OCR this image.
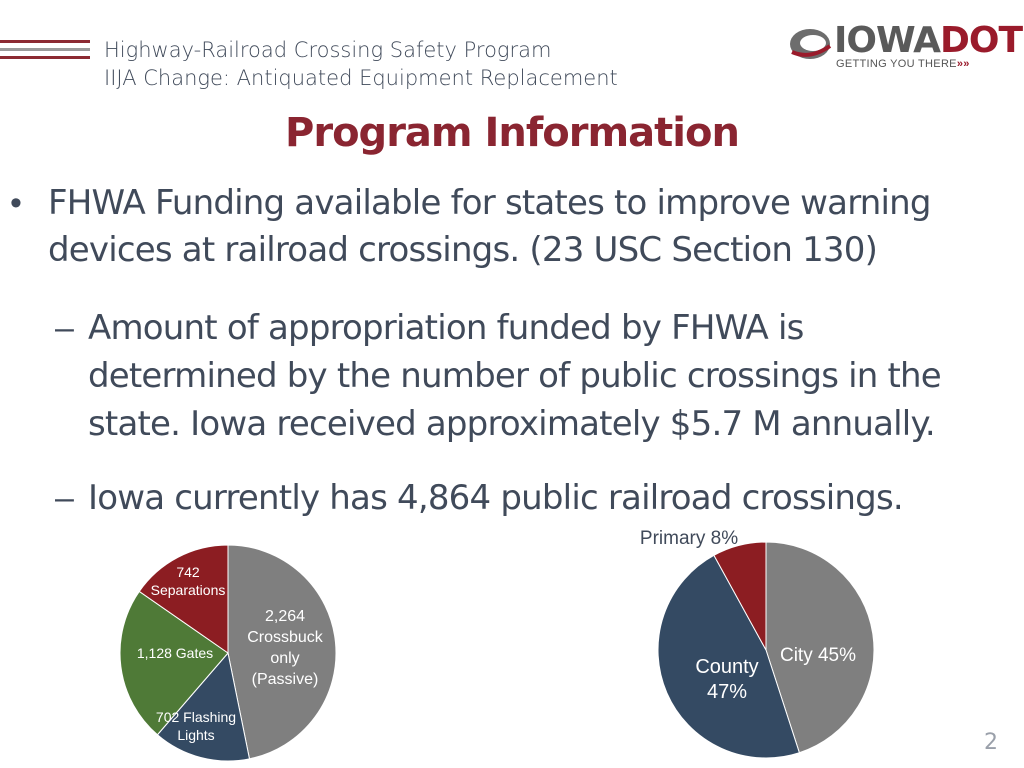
Highway-Railroad Crossing Safety Program
IIJA Change: Antiquated Equipment Replacement
IOWADOT
GETTING YOU THERE»»
Program Information
• FHWA Funding available for states to improve warning devices at railroad crossings. (23 USC Section 130)
– Amount of appropriation funded by FHWA is determined by the number of public crossings in the state. Iowa received approximately $5.7 M annually.
– Iowa currently has 4,864 public railroad crossings.
2,264 Crossbuck only (Passive)
702 Flashing Lights
1,128 Gates
742 Separations
City 45%
County 47%
Primary 8%
2
